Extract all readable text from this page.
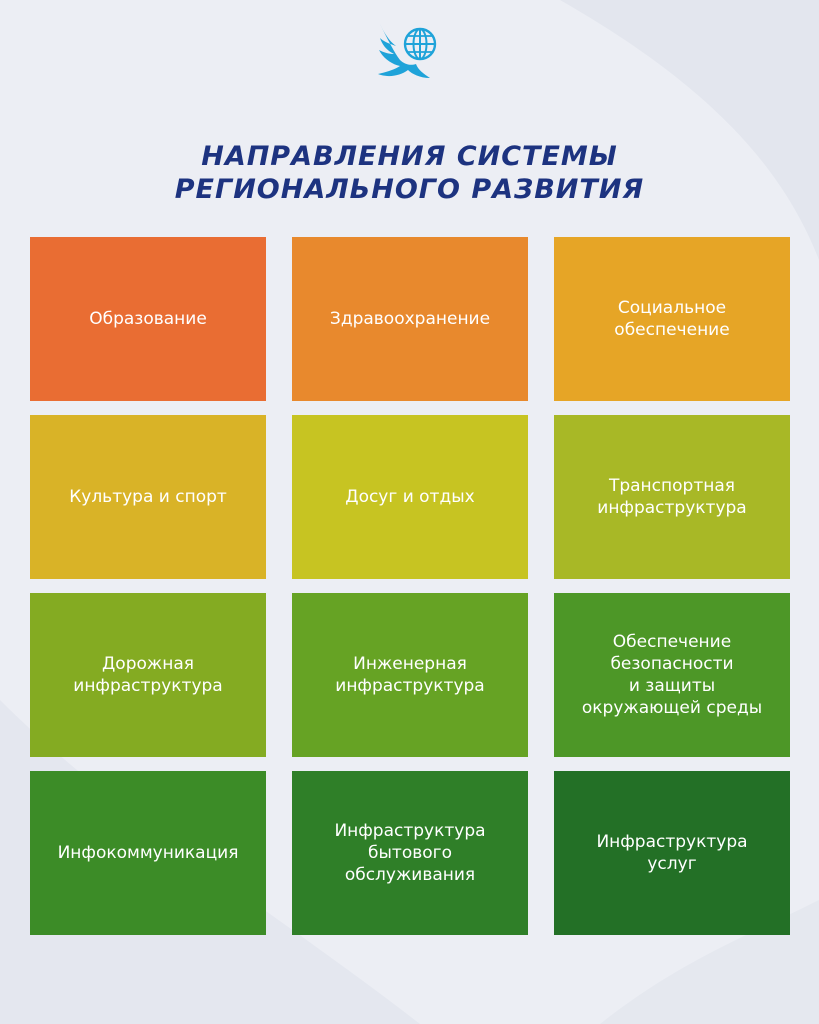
НАПРАВЛЕНИЯ СИСТЕМЫ
РЕГИОНАЛЬНОГО РАЗВИТИЯ
Образование	Здравоохранение
Социальное
обеспечение
Культура и спорт	Досуг и отдых
Транспортная
инфраструктура
Дорожная
инфраструктура
Инженерная
инфраструктура
Обеспечение
безопасности
и защиты
окружающей среды
Инфокоммуникация
Инфраструктура
бытового
обслуживания
Инфраструктура
услуг
